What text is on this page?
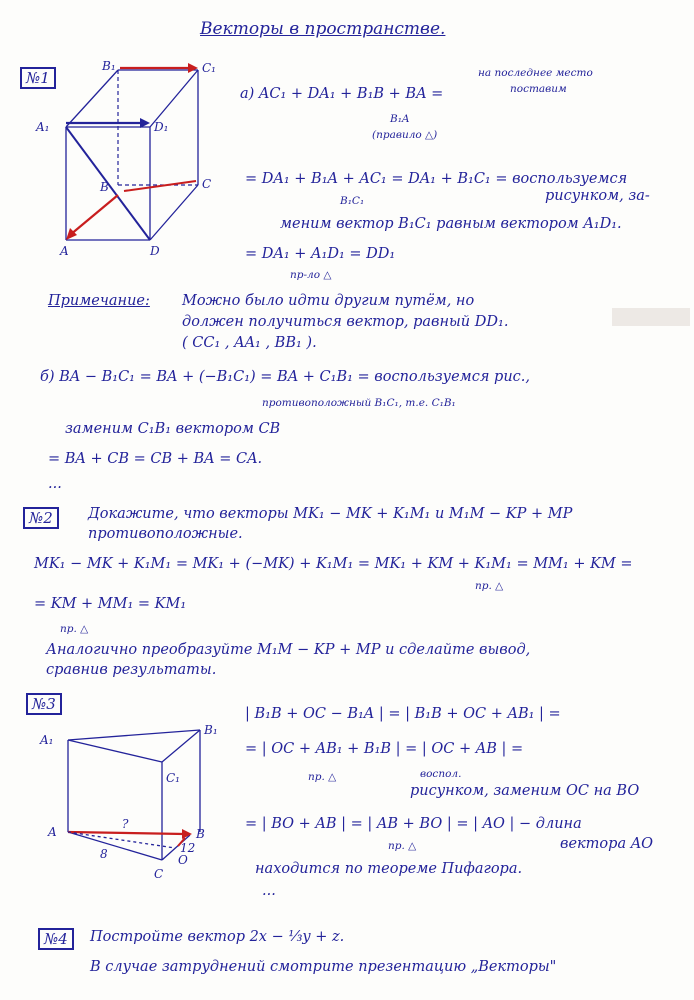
Векторы в пространстве.
№1
B₁	C₁
A₁	D₁
B	C
A	D
а) AC₁ + DA₁ + B₁B + BA =
на последнее место
поставим
B₁A
(правило △)
= DA₁ + B₁A + AC₁ = DA₁ + B₁C₁ = воспользуемся
рисунком, за-
B₁C₁
меним вектор B₁C₁ равным вектором A₁D₁.
= DA₁ + A₁D₁ = DD₁
пр-ло △
Примечание: Можно было идти другим путём, но
должен получиться вектор, равный DD₁.
( CC₁ , AA₁ , BB₁ ).
б) BA − B₁C₁ = BA + (−B₁C₁) = BA + C₁B₁ = воспользуемся рис.,
противоположный B₁C₁, т.е. C₁B₁
заменим C₁B₁ вектором CB
= BA + CB = CB + BA = CA.
...
№2	Докажите, что векторы MK₁ − MK + K₁M₁ и M₁M − KP + MP
противоположные.
MK₁ − MK + K₁M₁ = MK₁ + (−MK) + K₁M₁ = MK₁ + KM + K₁M₁ = MM₁ + KM =
пр. △
= KM + MM₁ = KM₁
пр. △
Аналогично преобразуйте M₁M − KP + MP и сделайте вывод,
сравнив результаты.
№3
A₁
B₁
C₁
A	B
C
O
?
8	12
| B₁B + OC − B₁A | = | B₁B + OC + AB₁ | =
= | OC + AB₁ + B₁B | = | OC + AB | =
пр. △	воспол.
рисунком, заменим OC на BO
= | BO + AB | = | AB + BO | = | AO | − длина
пр. △	вектора AO
находится по теореме Пифагора.
...
№4	Постройте вектор 2x − ⅓y + z.
В случае затруднений смотрите презентацию „Векторы"
